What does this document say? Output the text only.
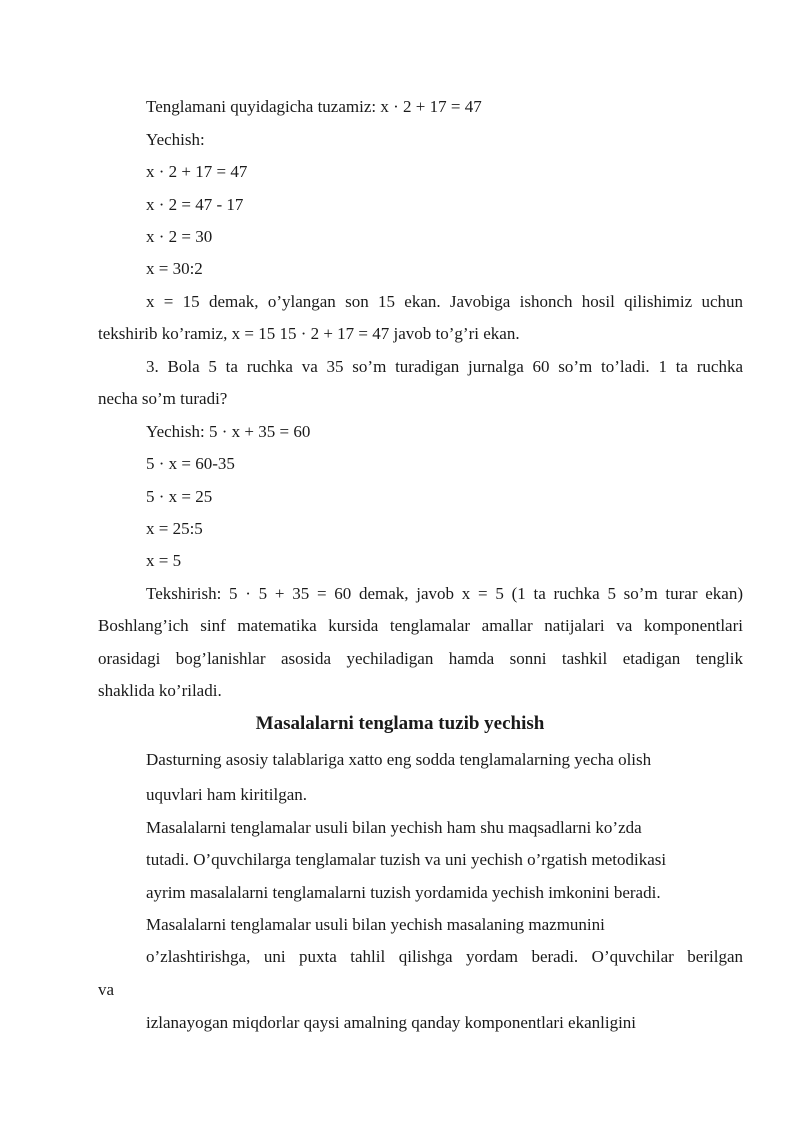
Tenglamani quyidagicha tuzamiz: x · 2 + 17 = 47
Yechish:
x · 2 + 17 = 47
x · 2 = 47 - 17
x · 2 = 30
x = 30:2
x = 15 demak, o’ylangan son 15 ekan. Javobiga ishonch hosil qilishimiz uchun
tekshirib ko’ramiz, x = 15 15 · 2 + 17 = 47 javob to’g’ri ekan.
3. Bola 5 ta ruchka va 35 so’m turadigan jurnalga 60 so’m to’ladi. 1 ta ruchka
necha so’m turadi?
Yechish: 5 · x + 35 = 60
5 · x = 60-35
5 · x = 25
x = 25:5
x = 5
Tekshirish: 5 · 5 + 35 = 60 demak, javob x = 5 (1 ta ruchka 5 so’m turar ekan)
Boshlang’ich sinf matematika kursida tenglamalar amallar natijalari va komponentlari
orasidagi bog’lanishlar asosida yechiladigan hamda sonni tashkil etadigan tenglik
shaklida ko’riladi.
Masalalarni tenglama tuzib yechish
Dasturning asosiy talablariga xatto eng sodda tenglamalarning yecha olish
uquvlari ham kiritilgan.
Masalalarni tenglamalar usuli bilan yechish ham shu maqsadlarni ko’zda
tutadi. O’quvchilarga tenglamalar tuzish va uni yechish o’rgatish metodikasi
ayrim masalalarni tenglamalarni tuzish yordamida yechish imkonini beradi.
Masalalarni tenglamalar usuli bilan yechish masalaning mazmunini
o’zlashtirishga, uni puxta tahlil qilishga yordam beradi. O’quvchilar berilgan
va
izlanayogan miqdorlar qaysi amalning qanday komponentlari ekanligini
